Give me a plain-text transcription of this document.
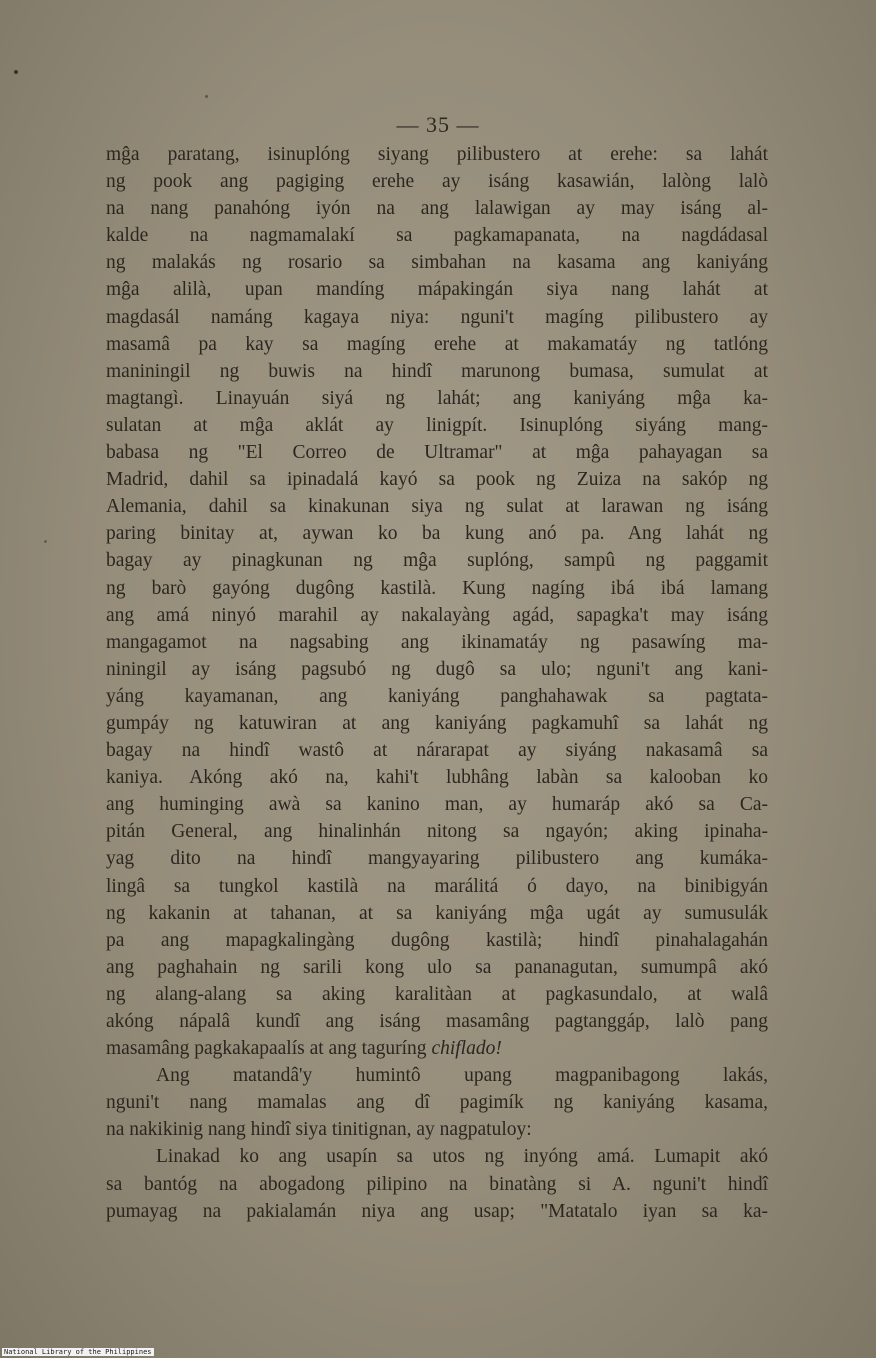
— 35 —
mĝa paratang, isinuplóng siyang pilibustero at erehe: sa lahát
ng pook ang pagiging erehe ay isáng kasawián, lalòng lalò
na nang panahóng iyón na ang lalawigan ay may isáng al-
kalde na nagmamalakí sa pagkamapanata, na nagdádasal
ng malakás ng rosario sa simbahan na kasama ang kaniyáng
mĝa alilà, upan mandíng mápakingán siya nang lahát at
magdasál namáng kagaya niya: nguni't magíng pilibustero ay
masamâ pa kay sa magíng erehe at makamatáy ng tatlóng
maniningil ng buwis na hindî marunong bumasa, sumulat at
magtangì. Linayuán siyá ng lahát; ang kaniyáng mĝa ka-
sulatan at mĝa aklát ay linigpít. Isinuplóng siyáng mang-
babasa ng "El Correo de Ultramar" at mĝa pahayagan sa
Madrid, dahil sa ipinadalá kayó sa pook ng Zuiza na sakóp ng
Alemania, dahil sa kinakunan siya ng sulat at larawan ng isáng
paring binitay at, aywan ko ba kung anó pa. Ang lahát ng
bagay ay pinagkunan ng mĝa suplóng, sampû ng paggamit
ng barò gayóng dugông kastilà. Kung nagíng ibá ibá lamang
ang amá ninyó marahil ay nakalayàng agád, sapagka't may isáng
mangagamot na nagsabing ang ikinamatáy ng pasawíng ma-
niningil ay isáng pagsubó ng dugô sa ulo; nguni't ang kani-
yáng kayamanan, ang kaniyáng panghahawak sa pagtata-
gumpáy ng katuwiran at ang kaniyáng pagkamuhî sa lahát ng
bagay na hindî wastô at nárarapat ay siyáng nakasamâ sa
kaniya. Akóng akó na, kahi't lubhâng labàn sa kalooban ko
ang huminging awà sa kanino man, ay humaráp akó sa Ca-
pitán General, ang hinalinhán nitong sa ngayón; aking ipinaha-
yag dito na hindî mangyayaring pilibustero ang kumáka-
lingâ sa tungkol kastilà na marálitá ó dayo, na binibigyán
ng kakanin at tahanan, at sa kaniyáng mĝa ugát ay sumusulák
pa ang mapagkalingàng dugông kastilà; hindî pinahalagahán
ang paghahain ng sarili kong ulo sa pananagutan, sumumpâ akó
ng alang-alang sa aking karalitàan at pagkasundalo, at walâ
akóng nápalâ kundî ang isáng masamâng pagtanggáp, lalò pang
masamâng pagkakapaalís at ang taguríng chiflado!
Ang matandâ'y humintô upang magpanibagong lakás,
nguni't nang mamalas ang dî pagimík ng kaniyáng kasama,
na nakikinig nang hindî siya tinitignan, ay nagpatuloy:
Linakad ko ang usapín sa utos ng inyóng amá. Lumapit akó
sa bantóg na abogadong pilipino na binatàng si A. nguni't hindî
pumayag na pakialamán niya ang usap; "Matatalo iyan sa ka-
National Library of the Philippines
